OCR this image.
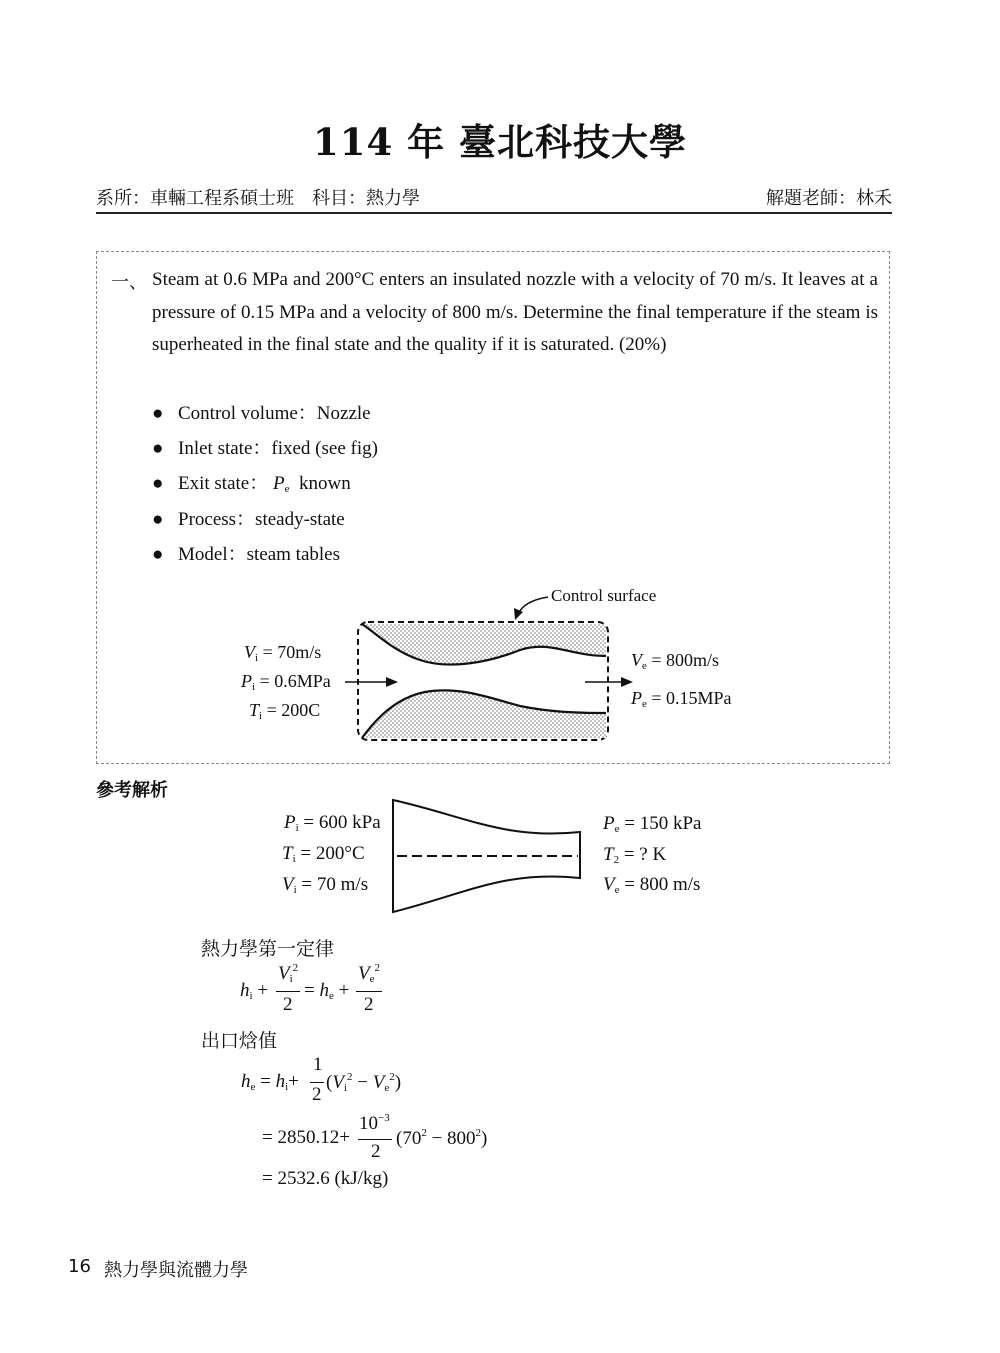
114 年 臺北科技大學
系所：車輛工程系碩士班　科目：熱力學	解題老師：林禾
一、 Steam at 0.6 MPa and 200°C enters an insulated nozzle with a velocity of 70 m/s. It leaves at a pressure of 0.15 MPa and a velocity of 800 m/s. Determine the final temperature if the steam is superheated in the final state and the quality if it is saturated. (20%)
● Control volume：Nozzle
● Inlet state：fixed (see fig)
● Exit state： $P_e$ known
● Process：steady-state
● Model：steam tables
Control surface
$V_i = 70m/s$
$P_i = 0.6MPa$
$T_i = 200C$
$V_e = 800m/s$
$P_e = 0.15MPa$
參考解析
$P_i = 600$ kPa
$T_i = 200^\circ C$
$V_i = 70$ m/s
$P_e = 150$ kPa
$T_2$ = ? K
$V_e = 800$ m/s
熱力學第一定律
$h_i$ +
$V_i^2$
2
= $h_e$ +
$V_e^2$
2
出口焓值
$h_e = h_i+$
1
2
$(V_i^2 - V_e^2)$
= 2850.12+
$10^{-3}$
2
$(70^2 - 800^2)$
= 2532.6 (kJ/kg)
16 熱力學與流體力學
